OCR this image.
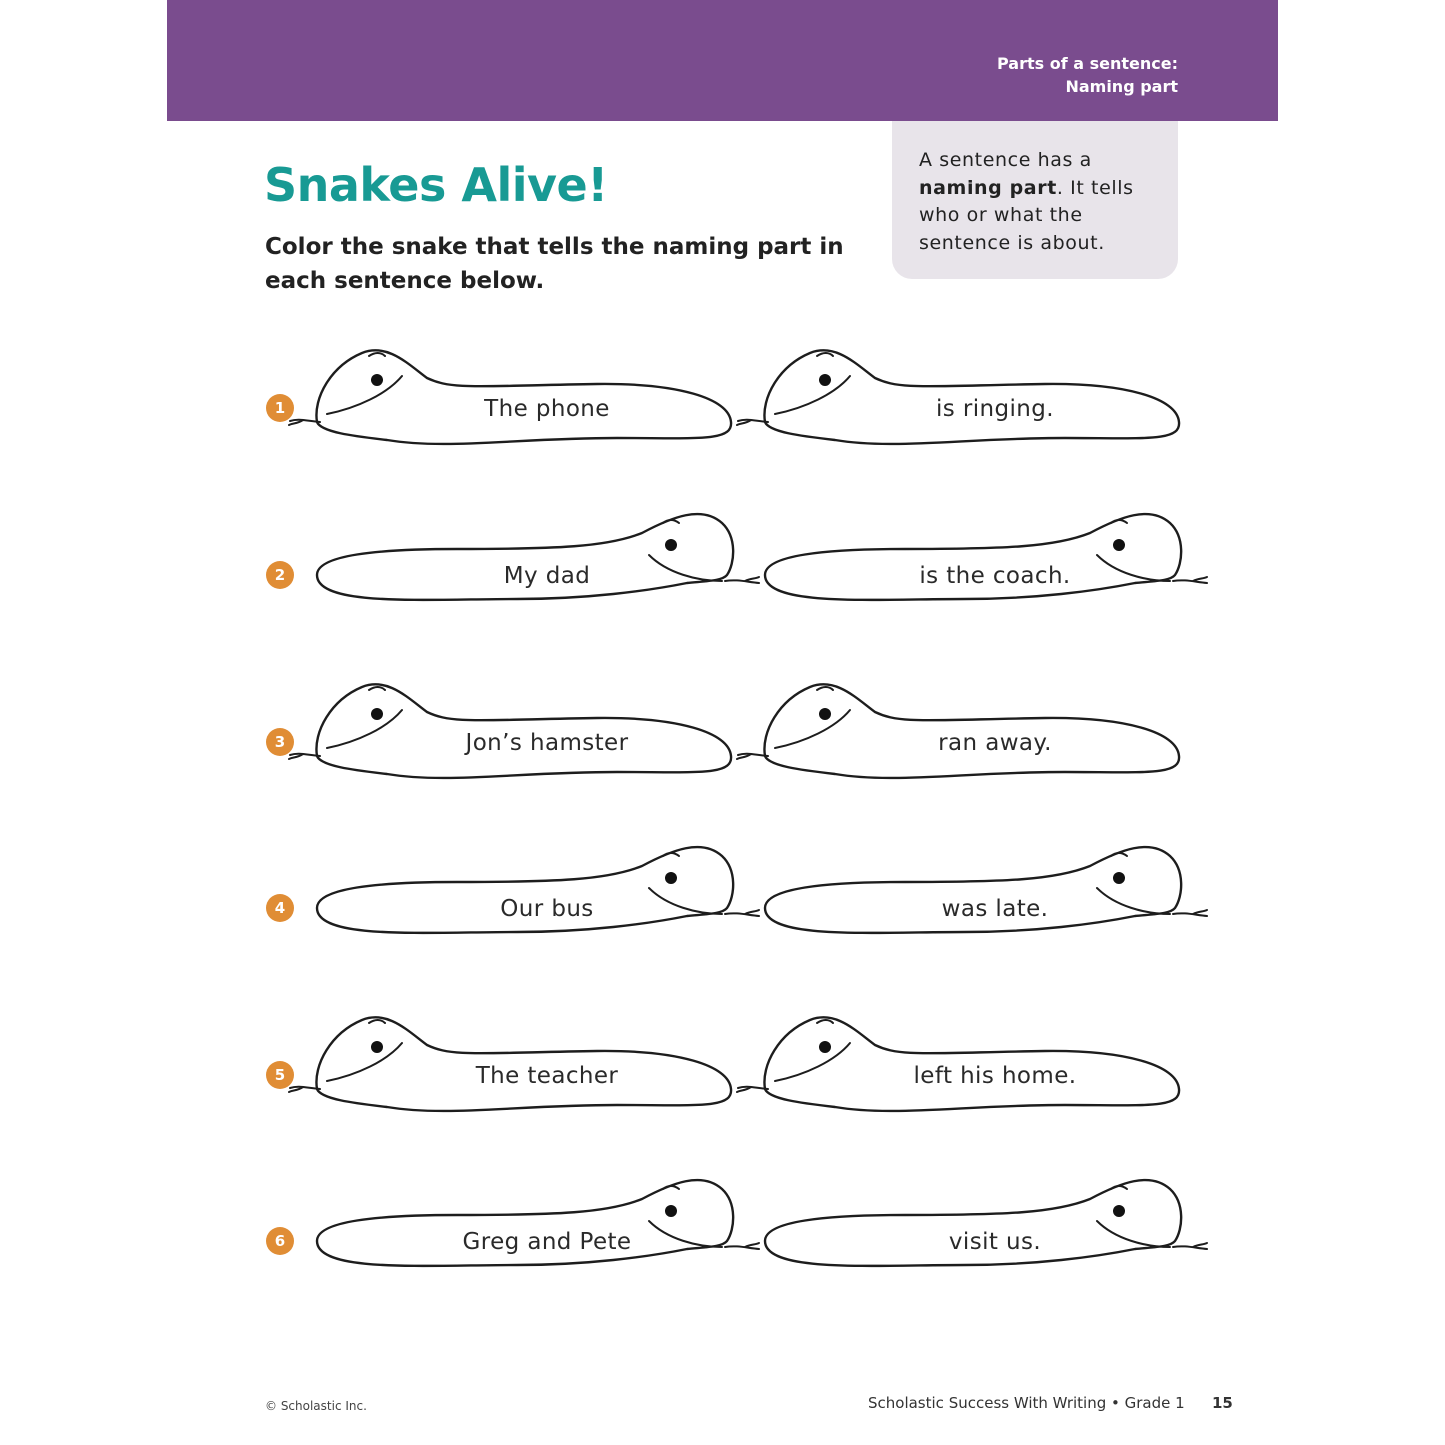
Parts of a sentence:
Naming part
A sentence has a naming part. It tells who or what the sentence is about.
Snakes Alive!
Color the snake that tells the naming part in each sentence below.
1	The phone	is ringing.
2	My dad	is the coach.
3	Jon’s hamster	ran away.
4	Our bus	was late.
5	The teacher	left his home.
6	Greg and Pete	visit us.
© Scholastic Inc.	Scholastic Success With Writing • Grade 1 15
